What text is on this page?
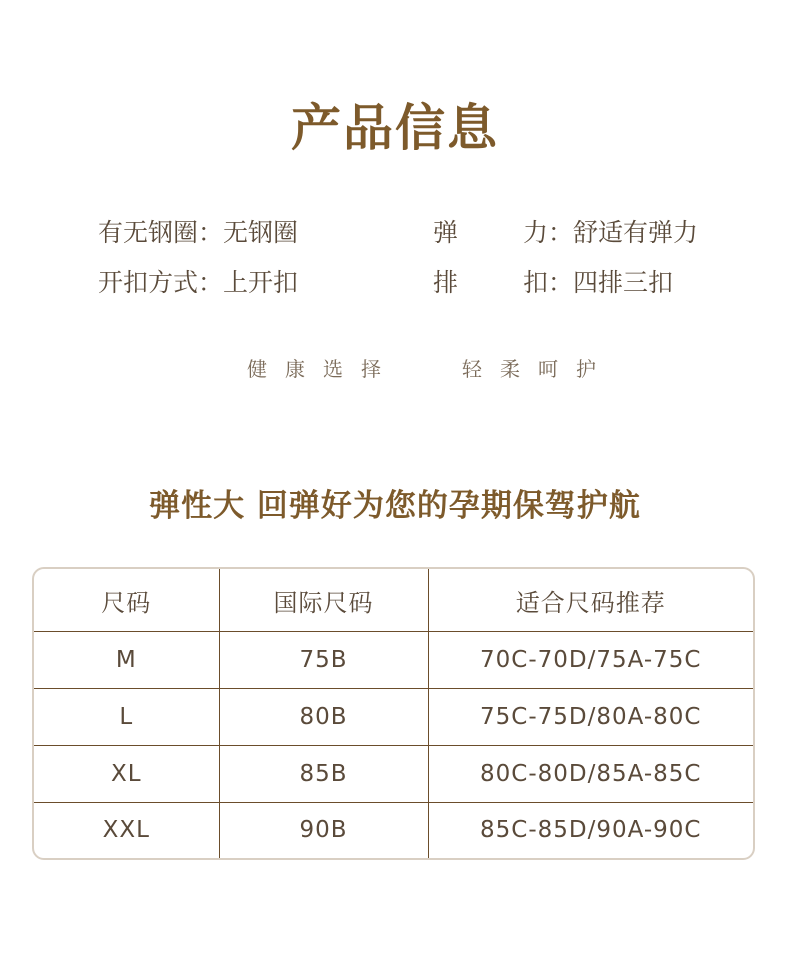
产品信息
有无钢圈：无钢圈	弹	力：舒适有弹力
开扣方式：上开扣	排	扣：四排三扣
健康选择	轻柔呵护
弹性大 回弹好为您的孕期保驾护航
尺码	国际尺码	适合尺码推荐
M	75B	70C-70D/75A-75C
L	80B	75C-75D/80A-80C
XL	85B	80C-80D/85A-85C
XXL	90B	85C-85D/90A-90C
